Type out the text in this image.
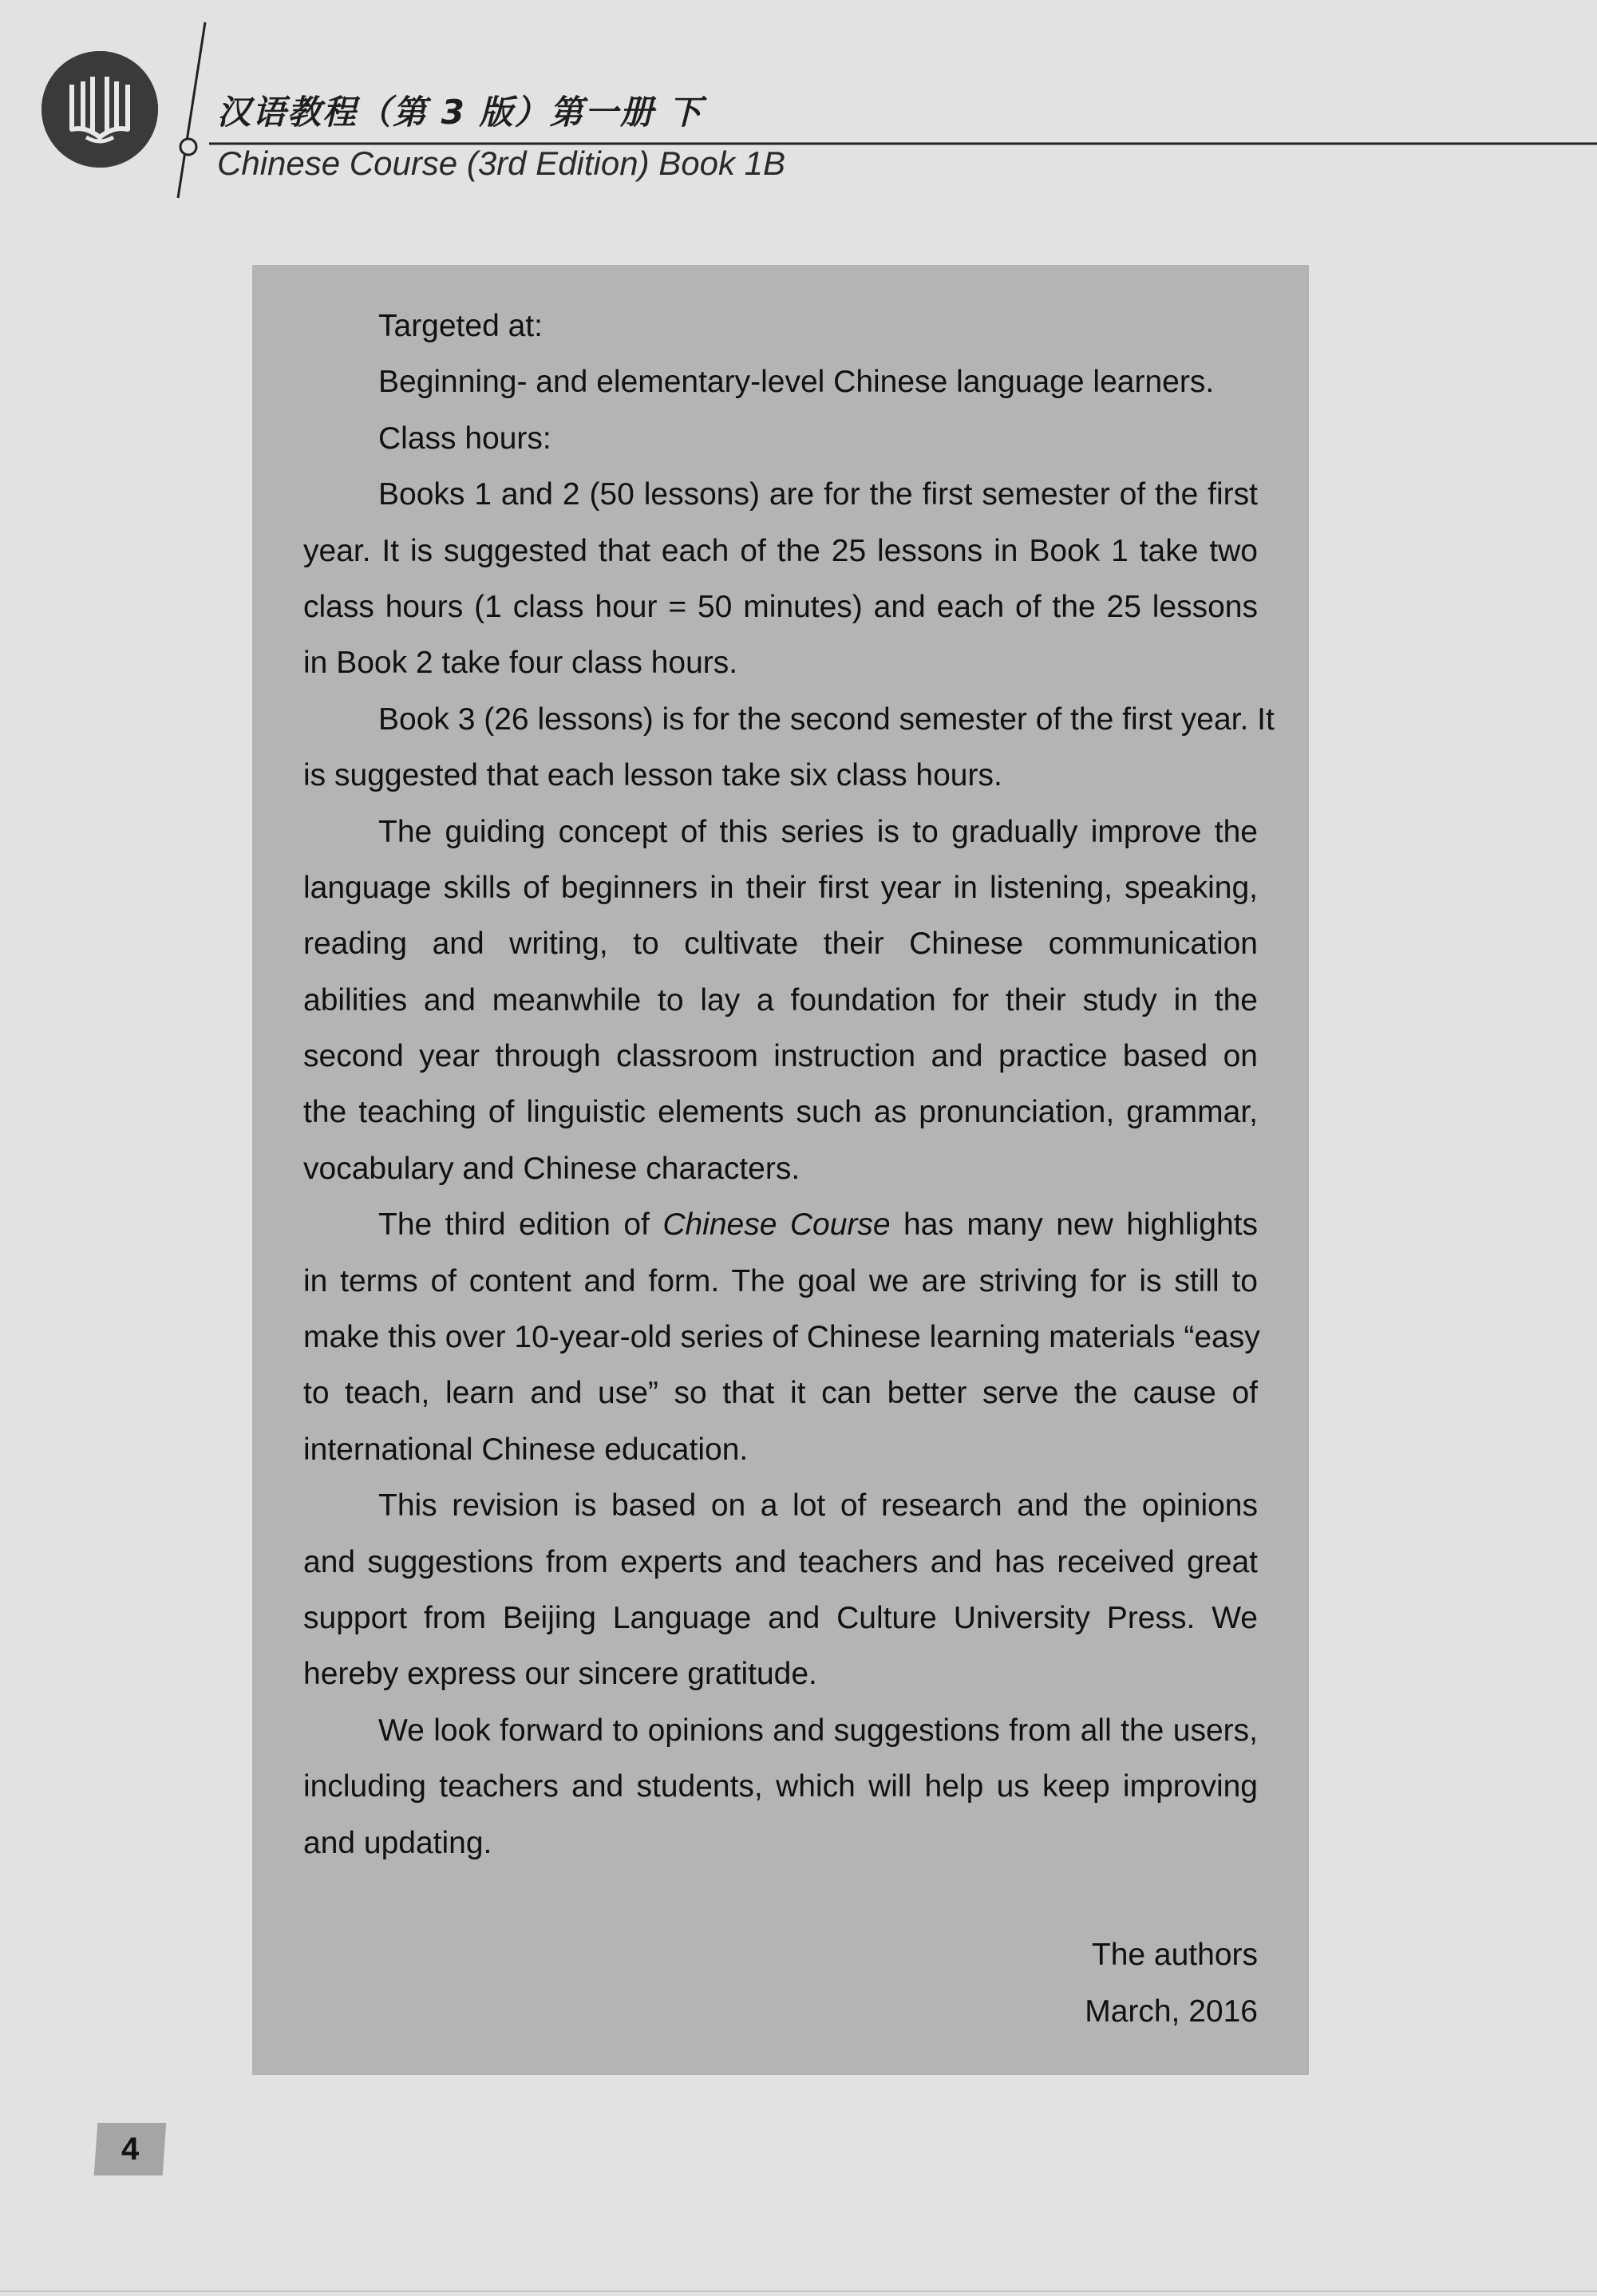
汉语教程（第 3 版）第一册 下
Chinese Course (3rd Edition) Book 1B
Targeted at:
Beginning- and elementary-level Chinese language learners.
Class hours:
Books 1 and 2 (50 lessons) are for the first semester of the first
year. It is suggested that each of the 25 lessons in Book 1 take two
class hours (1 class hour = 50 minutes) and each of the 25 lessons
in Book 2 take four class hours.
Book 3 (26 lessons) is for the second semester of the first year. It
is suggested that each lesson take six class hours.
The guiding concept of this series is to gradually improve the
language skills of beginners in their first year in listening, speaking,
reading and writing, to cultivate their Chinese communication
abilities and meanwhile to lay a foundation for their study in the
second year through classroom instruction and practice based on
the teaching of linguistic elements such as pronunciation, grammar,
vocabulary and Chinese characters.
The third edition of Chinese Course has many new highlights
in terms of content and form. The goal we are striving for is still to
make this over 10-year-old series of Chinese learning materials “easy
to teach, learn and use” so that it can better serve the cause of
international Chinese education.
This revision is based on a lot of research and the opinions
and suggestions from experts and teachers and has received great
support from Beijing Language and Culture University Press. We
hereby express our sincere gratitude.
We look forward to opinions and suggestions from all the users,
including teachers and students, which will help us keep improving
and updating.
The authors
March, 2016
4
